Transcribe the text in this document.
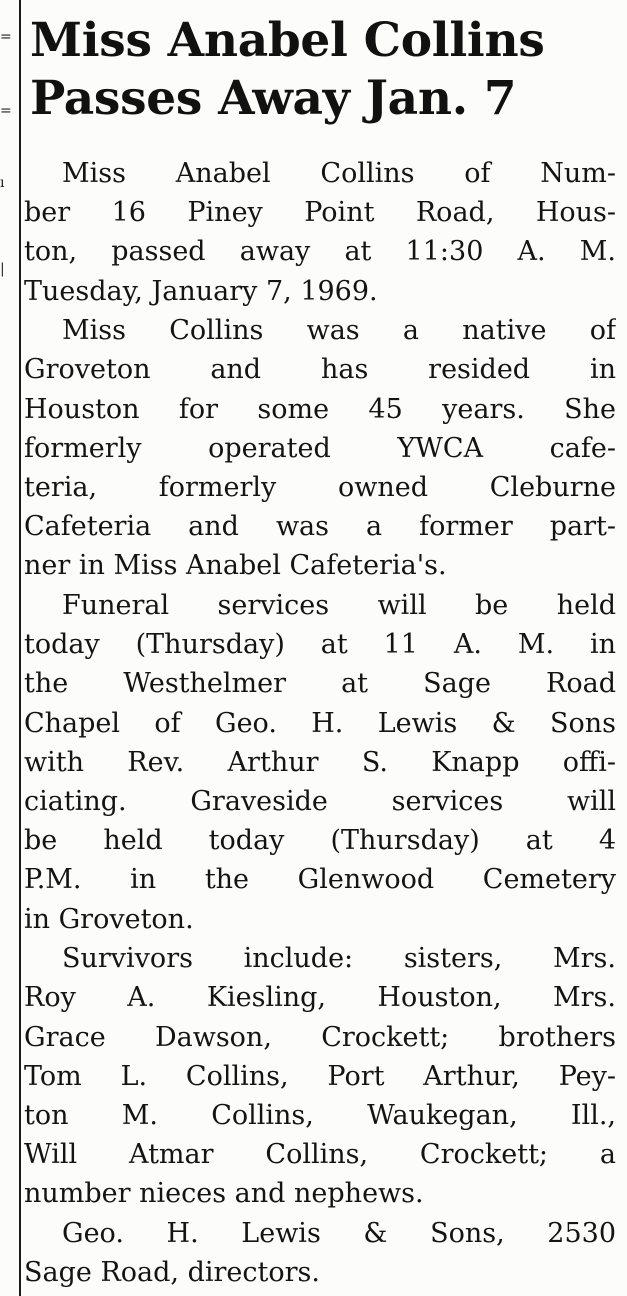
=
=
ı
|
Miss Anabel Collins
Passes Away Jan. 7
Miss Anabel Collins of Num-
ber 16 Piney Point Road, Hous-
ton, passed away at 11:30 A. M.
Tuesday, January 7, 1969.
Miss Collins was a native of
Groveton and has resided in
Houston for some 45 years. She
formerly operated YWCA cafe-
teria, formerly owned Cleburne
Cafeteria and was a former part-
ner in Miss Anabel Cafeteria's.
Funeral services will be held
today (Thursday) at 11 A. M. in
the Westhelmer at Sage Road
Chapel of Geo. H. Lewis & Sons
with Rev. Arthur S. Knapp offi-
ciating. Graveside services will
be held today (Thursday) at 4
P.M. in the Glenwood Cemetery
in Groveton.
Survivors include: sisters, Mrs.
Roy A. Kiesling, Houston, Mrs.
Grace Dawson, Crockett; brothers
Tom L. Collins, Port Arthur, Pey-
ton M. Collins, Waukegan, Ill.,
Will Atmar Collins, Crockett; a
number nieces and nephews.
Geo. H. Lewis & Sons, 2530
Sage Road, directors.
